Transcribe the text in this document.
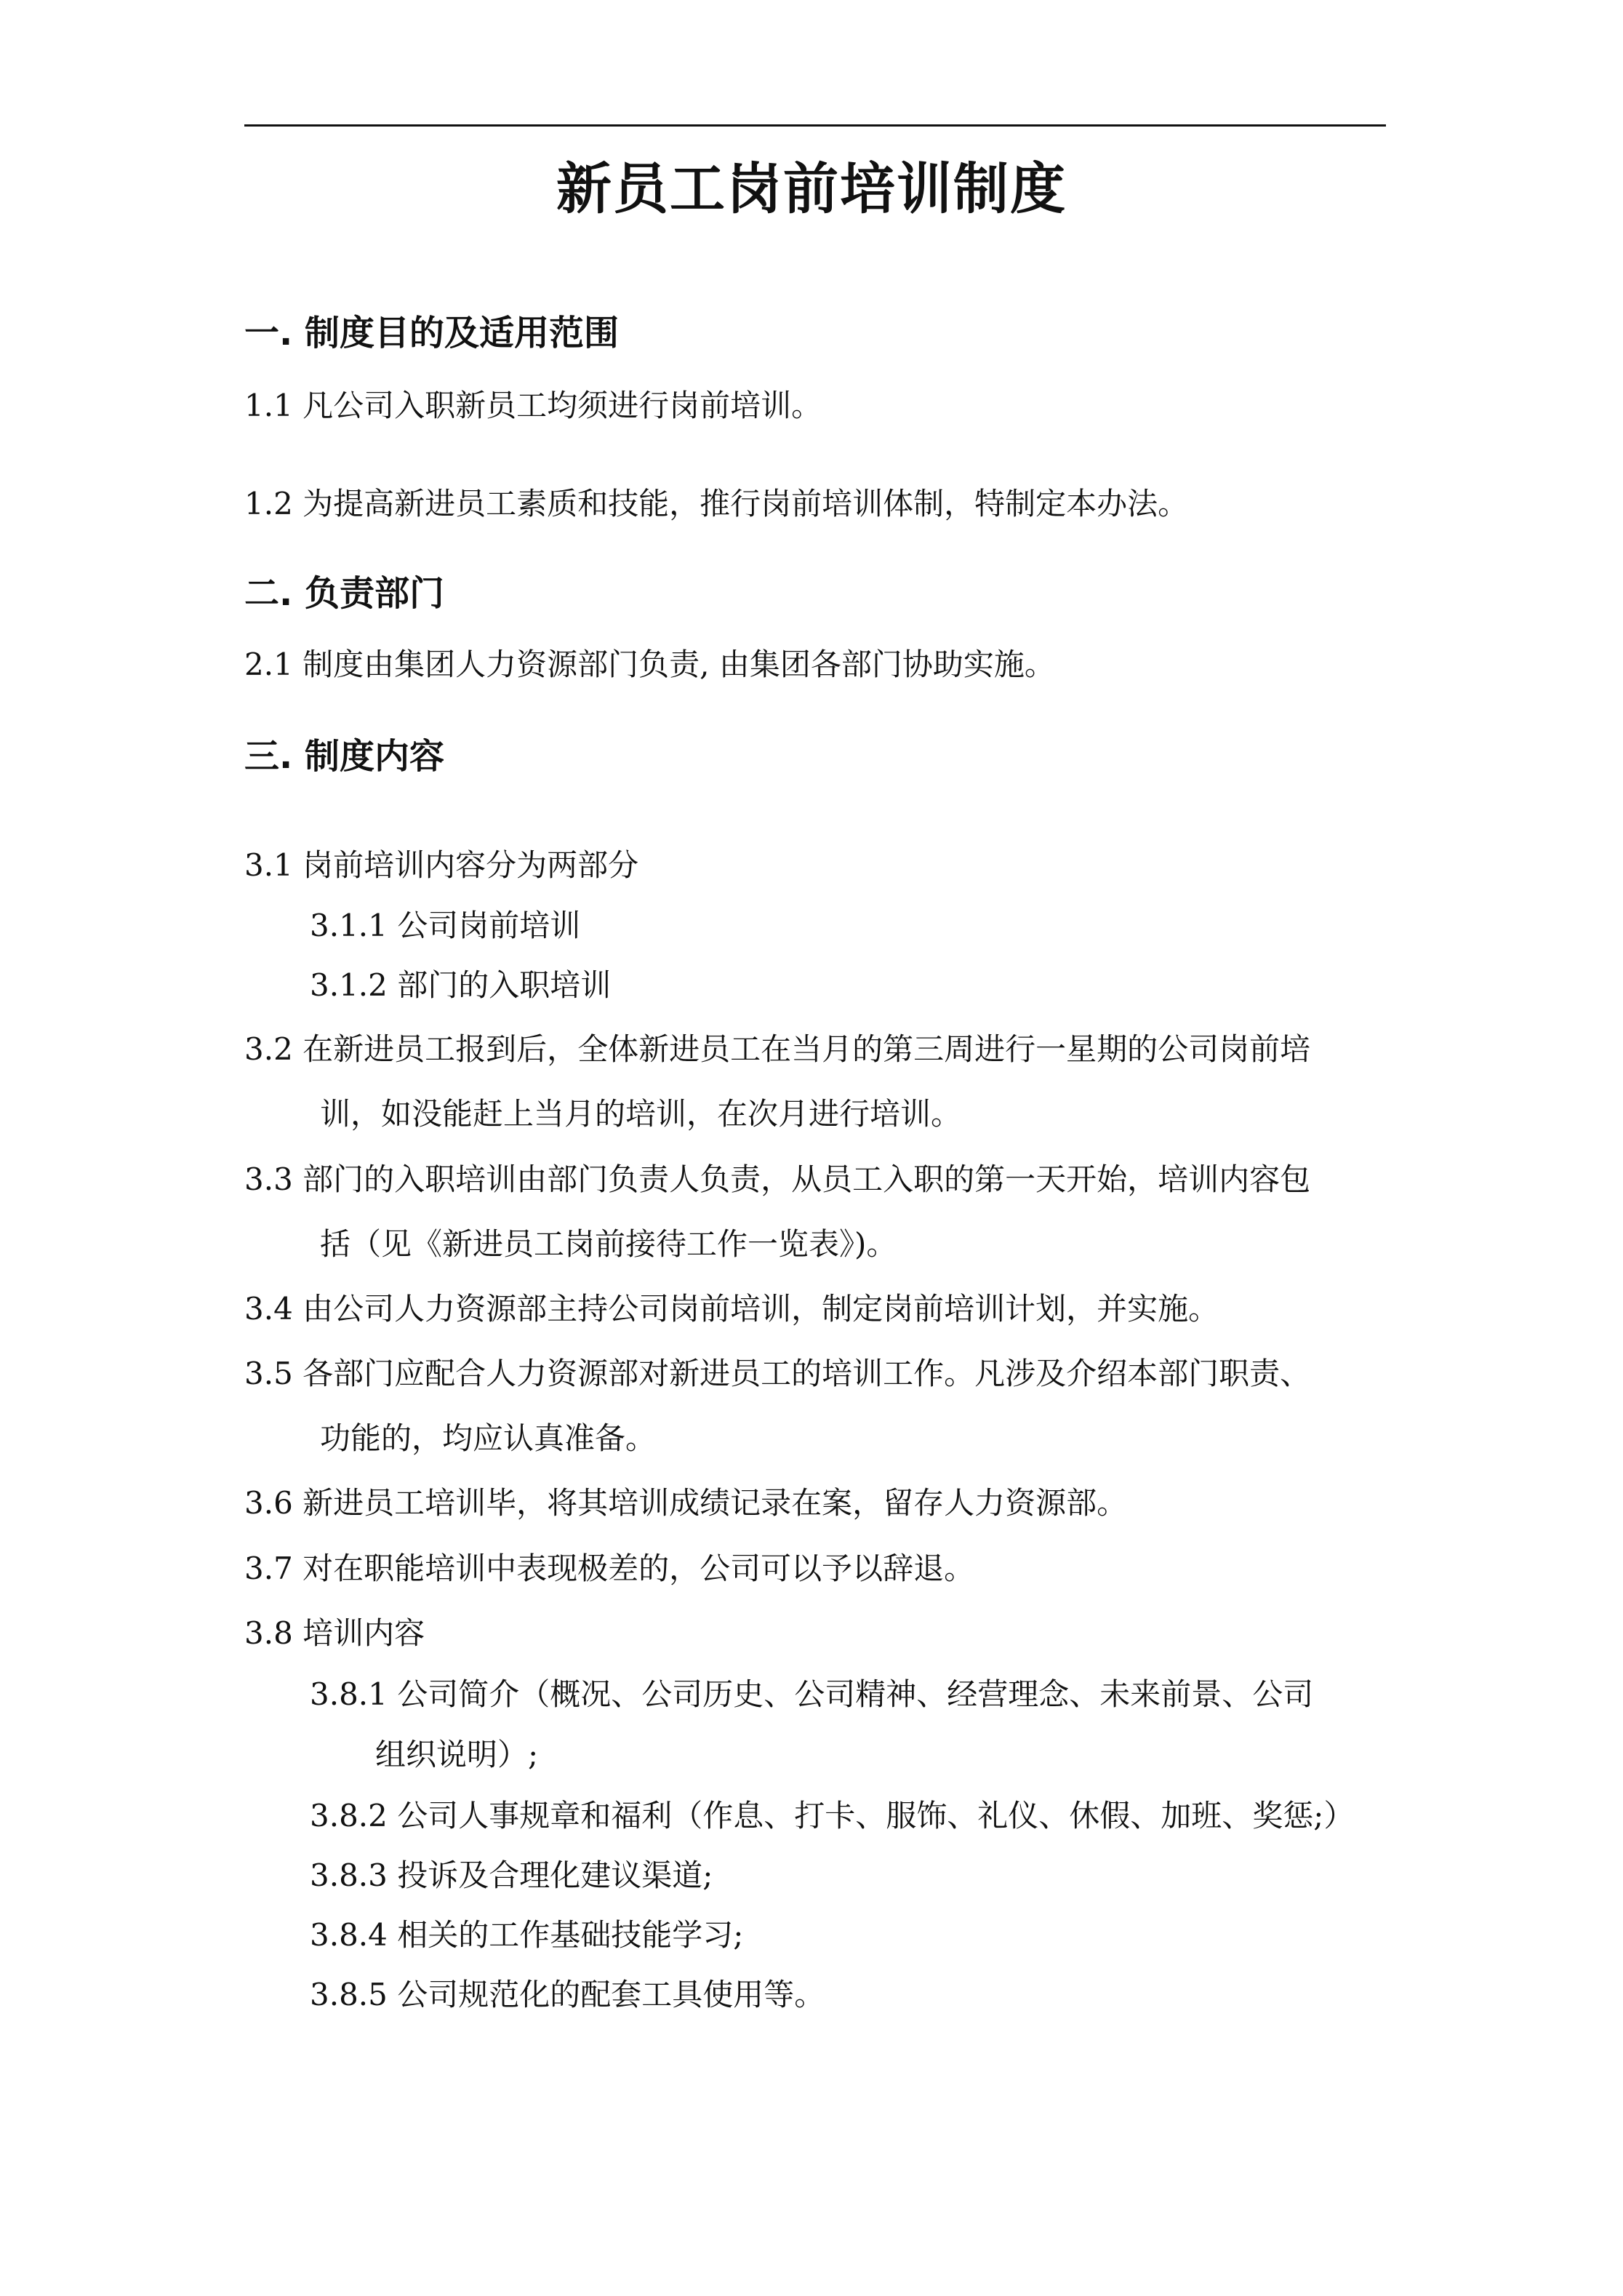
新员工岗前培训制度
一. 制度目的及适用范围
1.1 凡公司入职新员工均须进行岗前培训。
1.2 为提高新进员工素质和技能，推行岗前培训体制，特制定本办法。
二. 负责部门
2.1 制度由集团人力资源部门负责, 由集团各部门协助实施。
三. 制度内容
3.1 岗前培训内容分为两部分
3.1.1 公司岗前培训
3.1.2 部门的入职培训
3.2 在新进员工报到后，全体新进员工在当月的第三周进行一星期的公司岗前培
训，如没能赶上当月的培训，在次月进行培训。
3.3 部门的入职培训由部门负责人负责，从员工入职的第一天开始，培训内容包
括（见《新进员工岗前接待工作一览表》)。
3.4 由公司人力资源部主持公司岗前培训，制定岗前培训计划，并实施。
3.5 各部门应配合人力资源部对新进员工的培训工作。凡涉及介绍本部门职责、
功能的，均应认真准备。
3.6 新进员工培训毕，将其培训成绩记录在案，留存人力资源部。
3.7 对在职能培训中表现极差的，公司可以予以辞退。
3.8 培训内容
3.8.1 公司简介（概况、公司历史、公司精神、经营理念、未来前景、公司
组织说明）;
3.8.2 公司人事规章和福利（作息、打卡、服饰、礼仪、休假、加班、奖惩;）
3.8.3 投诉及合理化建议渠道;
3.8.4 相关的工作基础技能学习;
3.8.5 公司规范化的配套工具使用等。
